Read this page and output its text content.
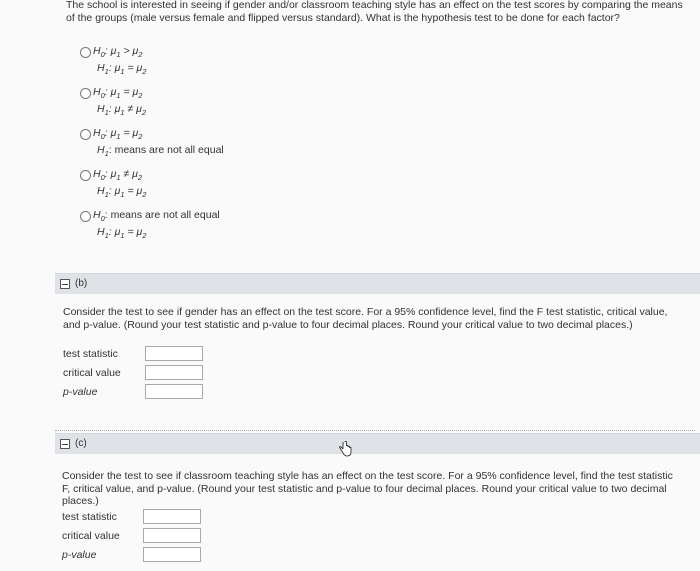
The school is interested in seeing if gender and/or classroom teaching style has an effect on the test scores by comparing the means of the groups (male versus female and flipped versus standard). What is the hypothesis test to be done for each factor?
$H_0$: $\mu_1 > \mu_2$
$H_1$: $\mu_1 = \mu_2$
$H_0$: $\mu_1 = \mu_2$
$H_1$: $\mu_1 \ne \mu_2$
$H_0$: $\mu_1 = \mu_2$
$H_1$: means are not all equal
$H_0$: $\mu_1 \ne \mu_2$
$H_1$: $\mu_1 = \mu_2$
$H_0$: means are not all equal
$H_1$: $\mu_1 = \mu_2$
(b)
Consider the test to see if gender has an effect on the test score. For a 95% confidence level, find the F test statistic, critical value, and p-value. (Round your test statistic and p-value to four decimal places. Round your critical value to two decimal places.)
test statistic
critical value
p-value
(c)
Consider the test to see if classroom teaching style has an effect on the test score. For a 95% confidence level, find the test statistic F, critical value, and p-value. (Round your test statistic and p-value to four decimal places. Round your critical value to two decimal places.)
test statistic
critical value
p-value
